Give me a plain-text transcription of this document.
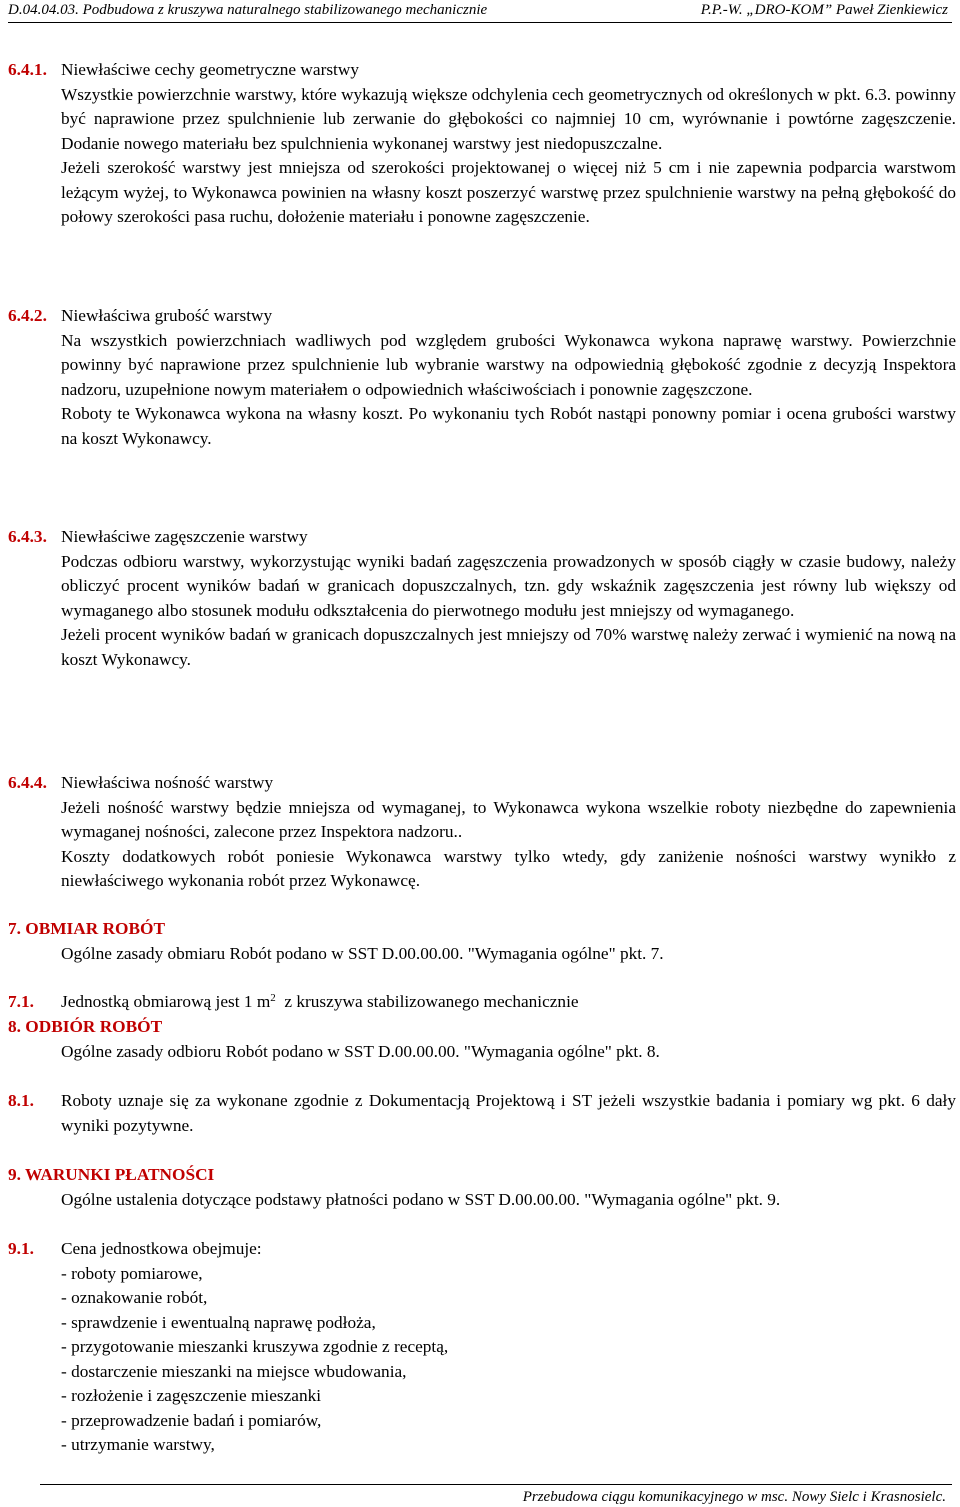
D.04.04.03. Podbudowa z kruszywa naturalnego stabilizowanego mechanicznie	P.P.-W. „DRO-KOM” Paweł Zienkiewicz
6.4.1. Niewłaściwe cechy geometryczne warstwy
Wszystkie powierzchnie warstwy, które wykazują większe odchylenia cech geometrycznych od określonych w pkt. 6.3. powinny być naprawione przez spulchnienie lub zerwanie do głębokości co najmniej 10 cm, wyrównanie i powtórne zagęszczenie. Dodanie nowego materiału bez spulchnienia wykonanej warstwy jest niedopuszczalne.
Jeżeli szerokość warstwy jest mniejsza od szerokości projektowanej o więcej niż 5 cm i nie zapewnia podparcia warstwom leżącym wyżej, to Wykonawca powinien na własny koszt poszerzyć warstwę przez spulchnienie warstwy na pełną głębokość do połowy szerokości pasa ruchu, dołożenie materiału i ponowne zagęszczenie.
6.4.2. Niewłaściwa grubość warstwy
Na wszystkich powierzchniach wadliwych pod względem grubości Wykonawca wykona naprawę warstwy. Powierzchnie powinny być naprawione przez spulchnienie lub wybranie warstwy na odpowiednią głębokość zgodnie z decyzją Inspektora nadzoru, uzupełnione nowym materiałem o odpowiednich właściwościach i ponownie zagęszczone.
Roboty te Wykonawca wykona na własny koszt. Po wykonaniu tych Robót nastąpi ponowny pomiar i ocena grubości warstwy na koszt Wykonawcy.
6.4.3. Niewłaściwe zagęszczenie warstwy
Podczas odbioru warstwy, wykorzystując wyniki badań zagęszczenia prowadzonych w sposób ciągły w czasie budowy, należy obliczyć procent wyników badań w granicach dopuszczalnych, tzn. gdy wskaźnik zagęszczenia jest równy lub większy od wymaganego albo stosunek modułu odkształcenia do pierwotnego modułu jest mniejszy od wymaganego.
Jeżeli procent wyników badań w granicach dopuszczalnych jest mniejszy od 70% warstwę należy zerwać i wymienić na nową na koszt Wykonawcy.
6.4.4. Niewłaściwa nośność warstwy
Jeżeli nośność warstwy będzie mniejsza od wymaganej, to Wykonawca wykona wszelkie roboty niezbędne do zapewnienia wymaganej nośności, zalecone przez Inspektora nadzoru..
Koszty dodatkowych robót poniesie Wykonawca warstwy tylko wtedy, gdy zaniżenie nośności warstwy wynikło z niewłaściwego wykonania robót przez Wykonawcę.
7. OBMIAR ROBÓT
Ogólne zasady obmiaru Robót podano w SST D.00.00.00. "Wymagania ogólne" pkt. 7.
7.1.	Jednostką obmiarową jest 1 $m^2$ z kruszywa stabilizowanego mechanicznie
8. ODBIÓR ROBÓT
Ogólne zasady odbioru Robót podano w SST D.00.00.00. "Wymagania ogólne" pkt. 8.
8.1.	Roboty uznaje się za wykonane zgodnie z Dokumentacją Projektową i ST jeżeli wszystkie badania i pomiary wg pkt. 6 dały wyniki pozytywne.
9. WARUNKI PŁATNOŚCI
Ogólne ustalenia dotyczące podstawy płatności podano w SST D.00.00.00. "Wymagania ogólne" pkt. 9.
9.1.	Cena jednostkowa obejmuje:
- roboty pomiarowe,
- oznakowanie robót,
- sprawdzenie i ewentualną naprawę podłoża,
- przygotowanie mieszanki kruszywa zgodnie z receptą,
- dostarczenie mieszanki na miejsce wbudowania,
- rozłożenie i zagęszczenie mieszanki
- przeprowadzenie badań i pomiarów,
- utrzymanie warstwy,
Przebudowa ciągu komunikacyjnego w msc. Nowy Sielc i Krasnosielc.
